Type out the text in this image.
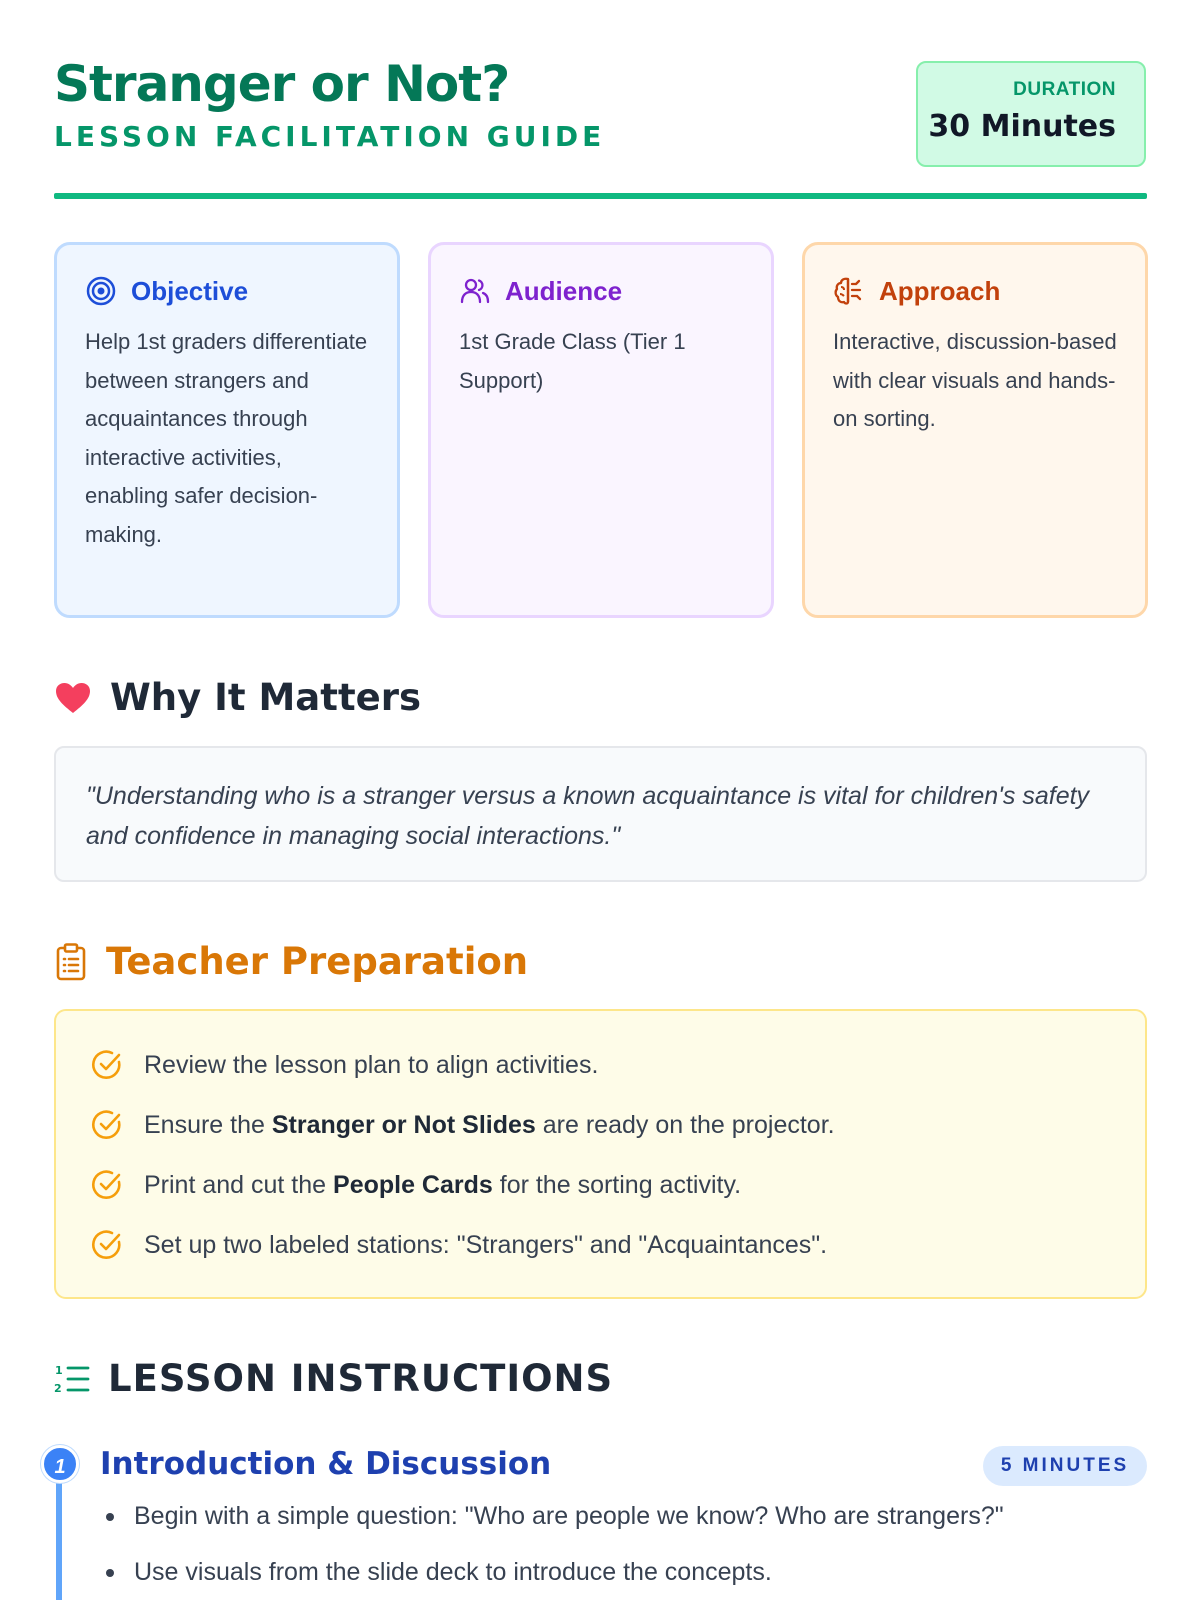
Stranger or Not?
LESSON FACILITATION GUIDE
DURATION
30 Minutes
Objective
Help 1st graders differentiate between strangers and acquaintances through interactive activities, enabling safer decision-making.
Audience
1st Grade Class (Tier 1 Support)
Approach
Interactive, discussion-based with clear visuals and hands-on sorting.
Why It Matters

"Understanding who is a stranger versus a known acquaintance is vital for children's safety and confidence in managing social interactions."

Teacher Preparation
Review the lesson plan to align activities.
Ensure the Stranger or Not Slides are ready on the projector.
Print and cut the People Cards for the sorting activity.
Set up two labeled stations: "Strangers" and "Acquaintances".
1
2 LESSON INSTRUCTIONS
1	Introduction & Discussion	5 MINUTES
Begin with a simple question: "Who are people we know? Who are strangers?"
Use visuals from the slide deck to introduce the concepts.
